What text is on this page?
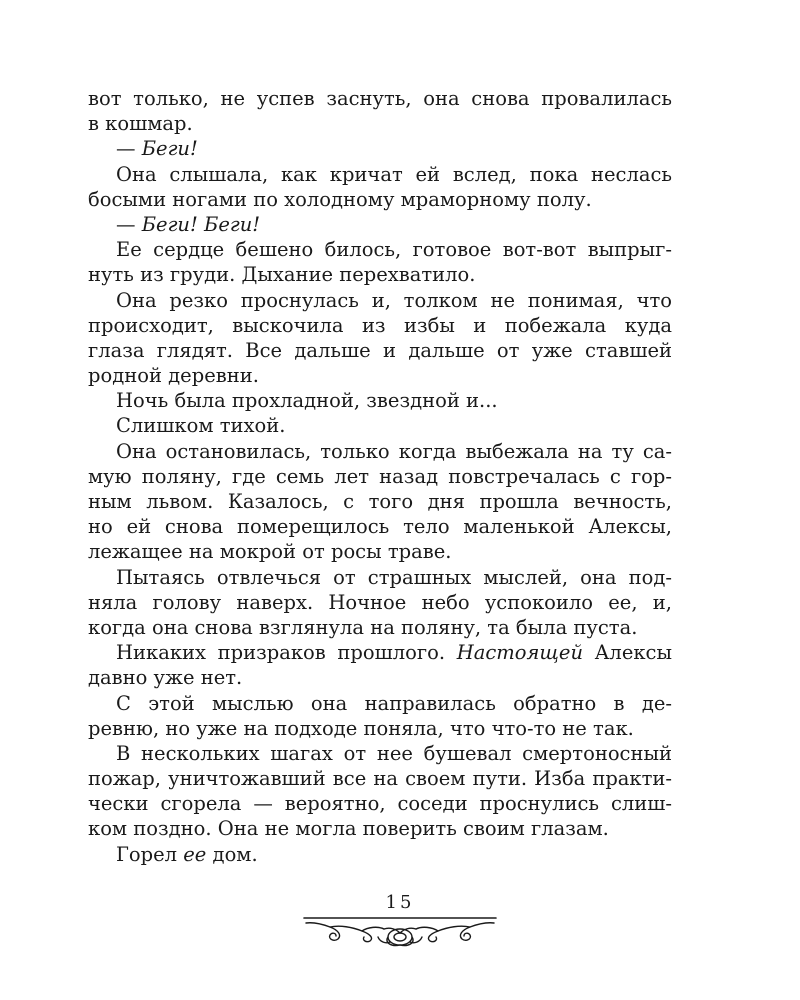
вот только, не успев заснуть, она снова провалилась
в кошмар.
— Беги!
Она слышала, как кричат ей вслед, пока неслась
босыми ногами по холодному мраморному полу.
— Беги! Беги!
Ее сердце бешено билось, готовое вот-вот выпрыг-
нуть из груди. Дыхание перехватило.
Она резко проснулась и, толком не понимая, что
происходит, выскочила из избы и побежала куда
глаза глядят. Все дальше и дальше от уже ставшей
родной деревни.
Ночь была прохладной, звездной и...
Слишком тихой.
Она остановилась, только когда выбежала на ту са-
мую поляну, где семь лет назад повстречалась с гор-
ным львом. Казалось, с того дня прошла вечность,
но ей снова померещилось тело маленькой Алексы,
лежащее на мокрой от росы траве.
Пытаясь отвлечься от страшных мыслей, она под-
няла голову наверх. Ночное небо успокоило ее, и,
когда она снова взглянула на поляну, та была пуста.
Никаких призраков прошлого. Настоящей Алексы
давно уже нет.
С этой мыслью она направилась обратно в де-
ревню, но уже на подходе поняла, что что-то не так.
В нескольких шагах от нее бушевал смертоносный
пожар, уничтожавший все на своем пути. Изба практи-
чески сгорела — вероятно, соседи проснулись слиш-
ком поздно. Она не могла поверить своим глазам.
Горел ее дом.
15
